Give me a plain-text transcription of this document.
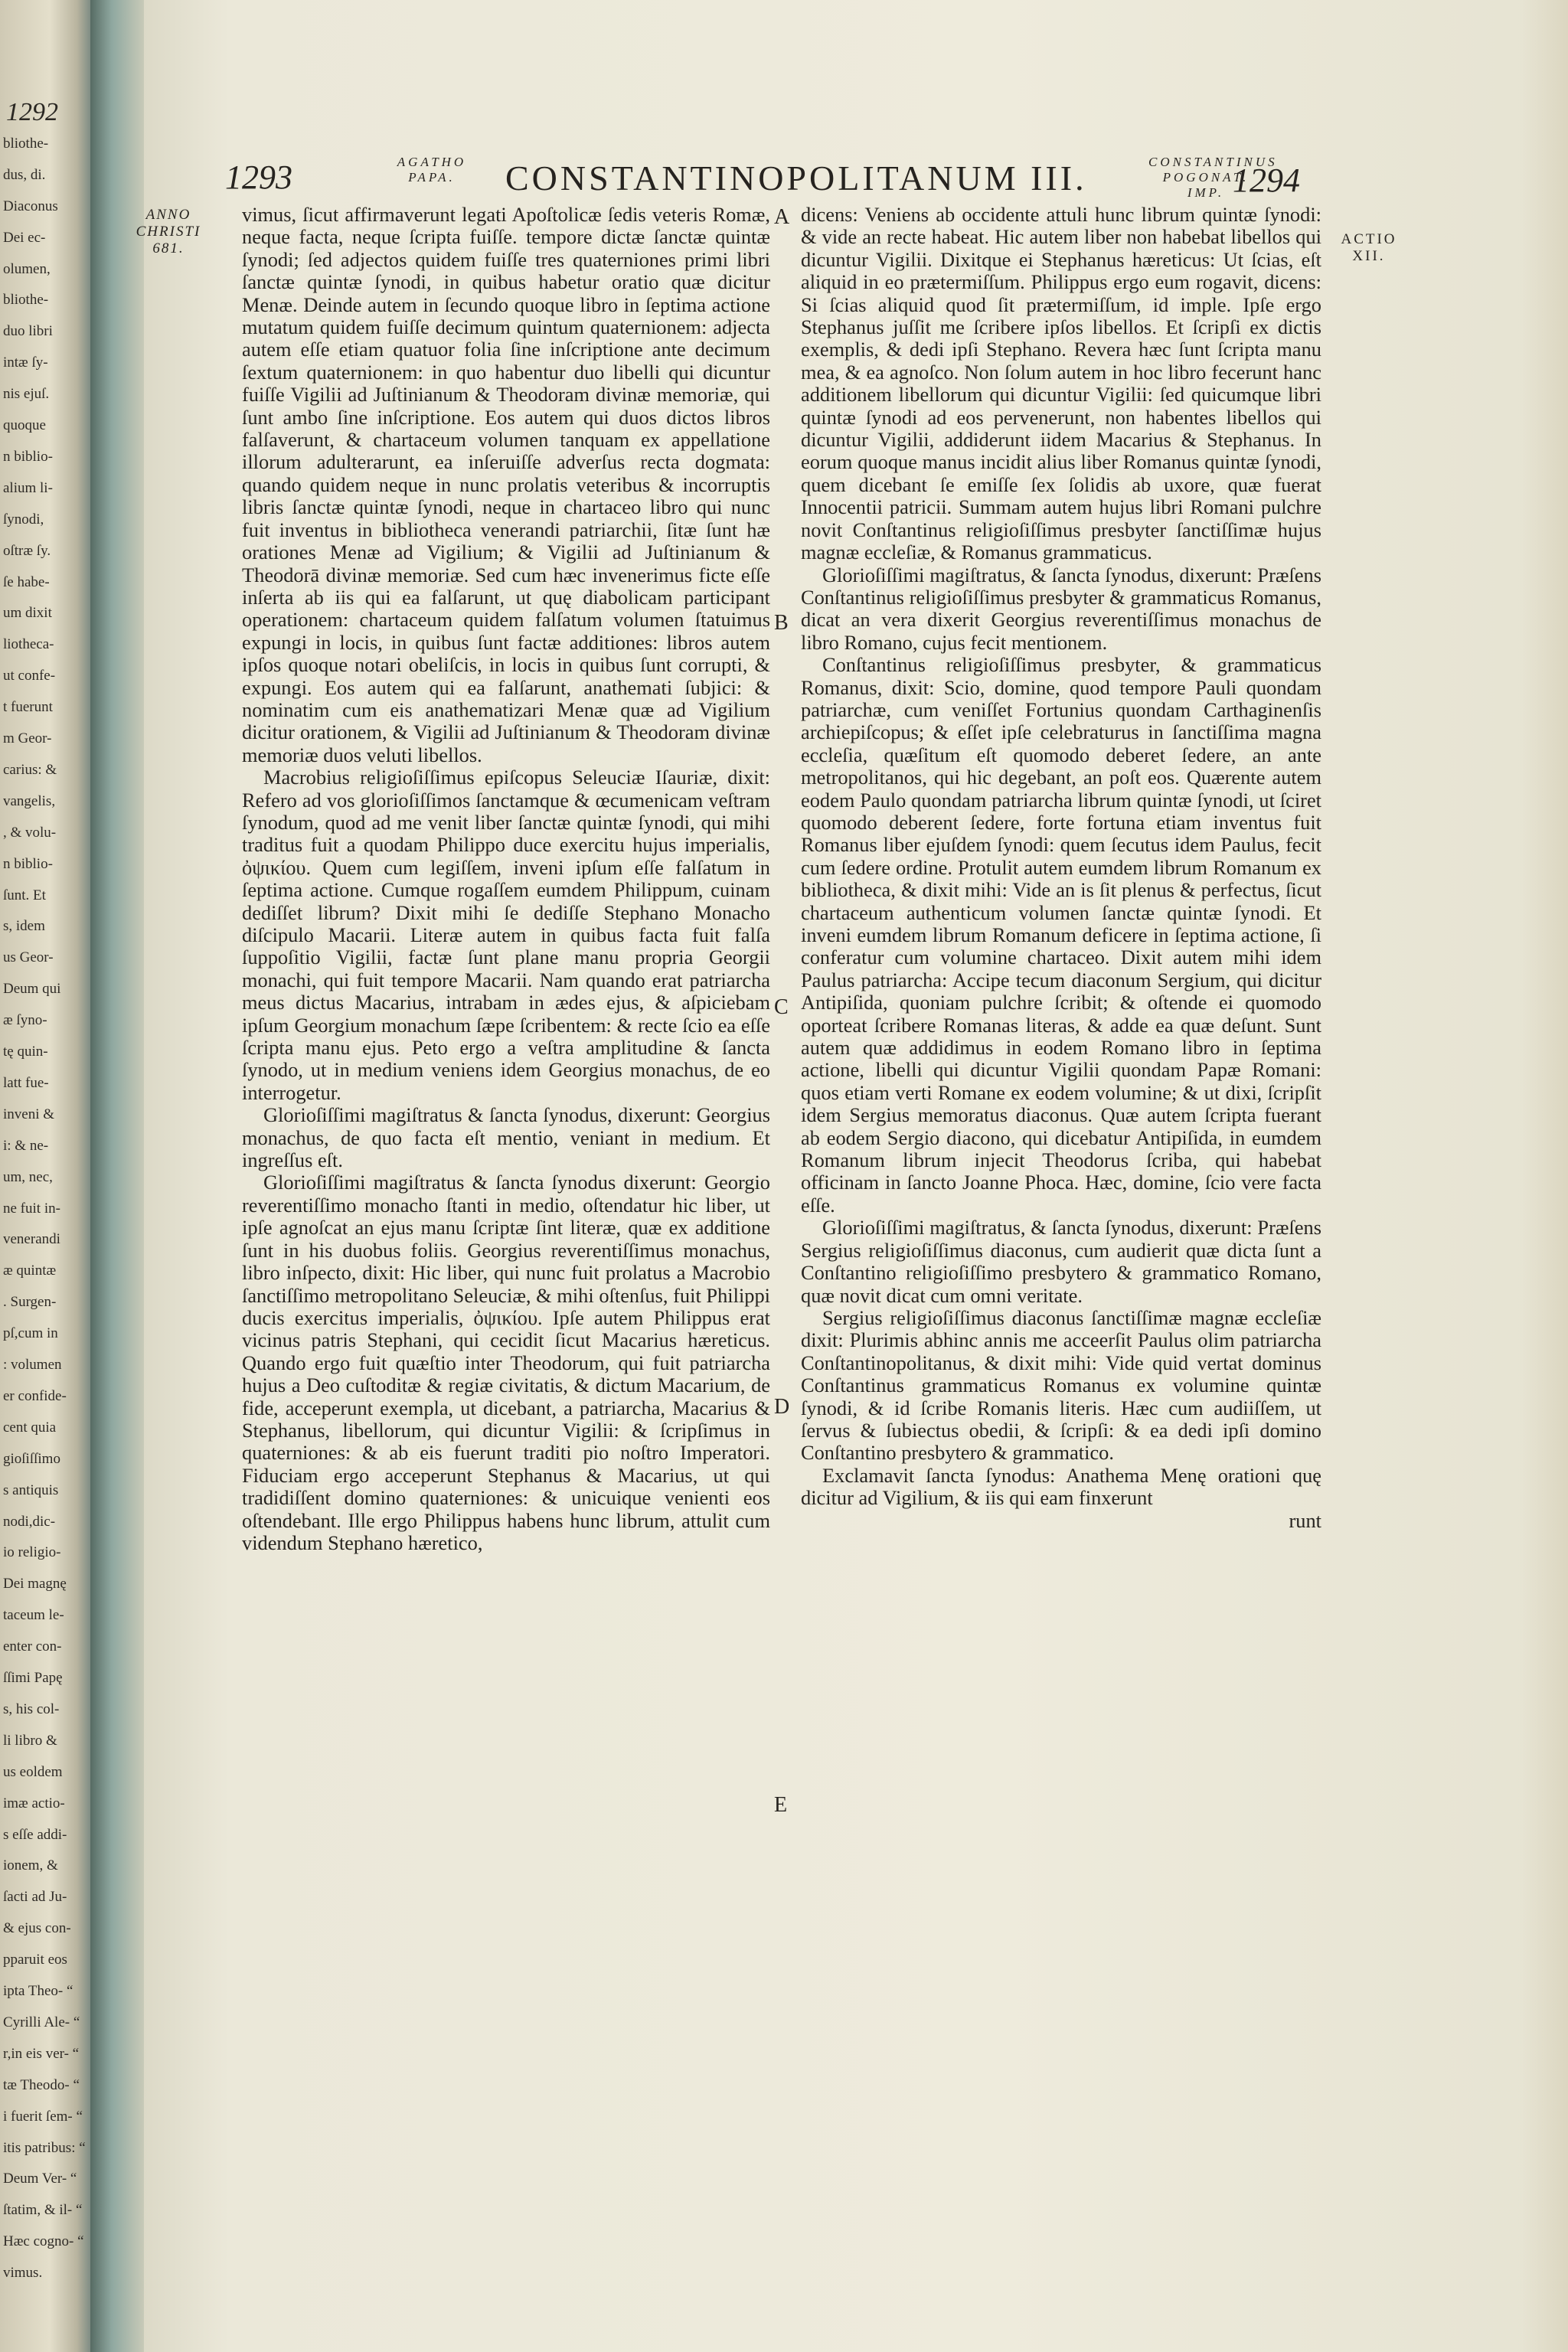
1292
bliothe-
dus, di.
Diaconus
Dei ec-
olumen,
bliothe-
duo libri
intæ ſy-
nis ejuſ.
quoque
n biblio-
alium li-
ſynodi,
oſtræ ſy.
ſe habe-
um dixit
liotheca-
ut confe-
t fuerunt
m Geor-
carius: &
vangelis,
, & volu-
n biblio-
ſunt. Et
s, idem
us Geor-
Deum qui
æ ſyno-
tę quin-
latt fue-
inveni &
i: & ne-
um, nec,
ne fuit in-
venerandi
æ quintæ
. Surgen-
pſ,cum in
: volumen
er confide-
cent quia
gioſiſſimo
s antiquis
nodi,dic-
io religio-
Dei magnę
taceum le-
enter con-
ſſimi Papę
s, his col-
li libro &
us eoldem
imæ actio-
s eſſe addi-
ionem, &
ſacti ad Ju-
& ejus con-
pparuit eos
ipta Theo- “
Cyrilli Ale- “
r,in eis ver- “
tæ Theodo- “
i fuerit ſem- “
itis patribus: “
Deum Ver- “
ſtatim, & il- “
Hæc cogno- “
vimus.
1293	AGATHO
PAPA.	CONSTANTINOPOLITANUM III.	CONSTANTINUS
POGONAT. IMP. 1294
ANNO
CHRISTI
681.
ACTIO
XII.
A
B
C
D
E

vimus, ſicut affirmaverunt legati Apoſtolicæ ſedis veteris Romæ, neque facta, neque ſcripta fuiſſe. tempore dictæ ſanctæ quintæ ſynodi; ſed adjectos quidem fuiſſe tres quaterniones primi libri ſanctæ quintæ ſynodi, in quibus habetur oratio quæ dicitur Menæ. Deinde autem in ſecundo quoque libro in ſeptima actione mutatum quidem fuiſſe decimum quintum quaternionem: adjecta autem eſſe etiam quatuor folia ſine inſcriptione ante decimum ſextum quaternionem: in quo habentur duo libelli qui dicuntur fuiſſe Vigilii ad Juſtinianum & Theodoram divinæ memoriæ, qui ſunt ambo ſine inſcriptione. Eos autem qui duos dictos libros falſaverunt, & chartaceum volumen tanquam ex appellatione illorum adulterarunt, ea inſeruiſſe adverſus recta dogmata: quando quidem neque in nunc prolatis veteribus & incorruptis libris ſanctæ quintæ ſynodi, neque in chartaceo libro qui nunc fuit inventus in bibliotheca venerandi patriarchii, ſitæ ſunt hæ orationes Menæ ad Vigilium; & Vigilii ad Juſtinianum & Theodorā divinæ memoriæ. Sed cum hæc invenerimus ficte eſſe inſerta ab iis qui ea falſarunt, ut quę diabolicam participant operationem: chartaceum quidem falſatum volumen ſtatuimus expungi in locis, in quibus ſunt factæ additiones: libros autem ipſos quoque notari obeliſcis, in locis in quibus ſunt corrupti, & expungi. Eos autem qui ea falſarunt, anathemati ſubjici: & nominatim cum eis anathematizari Menæ quæ ad Vigilium dicitur orationem, & Vigilii ad Juſtinianum & Theodoram divinæ memoriæ duos veluti libellos.

Macrobius religioſiſſimus epiſcopus Seleuciæ Iſauriæ, dixit: Refero ad vos glorioſiſſimos ſanctamque & œcumenicam veſtram ſynodum, quod ad me venit liber ſanctæ quintæ ſynodi, qui mihi traditus fuit a quodam Philippo duce exercitu hujus imperialis, ὀψικίου. Quem cum legiſſem, inveni ipſum eſſe falſatum in ſeptima actione. Cumque rogaſſem eumdem Philippum, cuinam dediſſet librum? Dixit mihi ſe dediſſe Stephano Monacho diſcipulo Macarii. Literæ autem in quibus facta fuit falſa ſuppoſitio Vigilii, factæ ſunt plane manu propria Georgii monachi, qui fuit tempore Macarii. Nam quando erat patriarcha meus dictus Macarius, intrabam in ædes ejus, & aſpiciebam ipſum Georgium monachum ſæpe ſcribentem: & recte ſcio ea eſſe ſcripta manu ejus. Peto ergo a veſtra amplitudine & ſancta ſynodo, ut in medium veniens idem Georgius monachus, de eo interrogetur.

Glorioſiſſimi magiſtratus & ſancta ſynodus, dixerunt: Georgius monachus, de quo facta eſt mentio, veniant in medium. Et ingreſſus eſt.

Glorioſiſſimi magiſtratus & ſancta ſynodus dixerunt: Georgio reverentiſſimo monacho ſtanti in medio, oſtendatur hic liber, ut ipſe agnoſcat an ejus manu ſcriptæ ſint literæ, quæ ex additione ſunt in his duobus foliis. Georgius reverentiſſimus monachus, libro inſpecto, dixit: Hic liber, qui nunc fuit prolatus a Macrobio ſanctiſſimo metropolitano Seleuciæ, & mihi oſtenſus, fuit Philippi ducis exercitus imperialis, ὀψικίου. Ipſe autem Philippus erat vicinus patris Stephani, qui cecidit ſicut Macarius hæreticus. Quando ergo fuit quæſtio inter Theodorum, qui fuit patriarcha hujus a Deo cuſtoditæ & regiæ civitatis, & dictum Macarium, de fide, acceperunt exempla, ut dicebant, a patriarcha, Macarius & Stephanus, libellorum, qui dicuntur Vigilii: & ſcripſimus in quaterniones: & ab eis fuerunt traditi pio noſtro Imperatori. Fiduciam ergo acceperunt Stephanus & Macarius, ut qui tradidiſſent domino quaterniones: & unicuique venienti eos oſtendebant. Ille ergo Philippus habens hunc librum, attulit cum videndum Stephano hæretico,

dicens: Veniens ab occidente attuli hunc librum quintæ ſynodi: & vide an recte habeat. Hic autem liber non habebat libellos qui dicuntur Vigilii. Dixitque ei Stephanus hæreticus: Ut ſcias, eſt aliquid in eo prætermiſſum. Philippus ergo eum rogavit, dicens: Si ſcias aliquid quod ſit prætermiſſum, id imple. Ipſe ergo Stephanus juſſit me ſcribere ipſos libellos. Et ſcripſi ex dictis exemplis, & dedi ipſi Stephano. Revera hæc ſunt ſcripta manu mea, & ea agnoſco. Non ſolum autem in hoc libro fecerunt hanc additionem libellorum qui dicuntur Vigilii: ſed quicumque libri quintæ ſynodi ad eos pervenerunt, non habentes libellos qui dicuntur Vigilii, addiderunt iidem Macarius & Stephanus. In eorum quoque manus incidit alius liber Romanus quintæ ſynodi, quem dicebant ſe emiſſe ſex ſolidis ab uxore, quæ fuerat Innocentii patricii. Summam autem hujus libri Romani pulchre novit Conſtantinus religioſiſſimus presbyter ſanctiſſimæ hujus magnæ eccleſiæ, & Romanus grammaticus.

Glorioſiſſimi magiſtratus, & ſancta ſynodus, dixerunt: Præſens Conſtantinus religioſiſſimus presbyter & grammaticus Romanus, dicat an vera dixerit Georgius reverentiſſimus monachus de libro Romano, cujus fecit mentionem.

Conſtantinus religioſiſſimus presbyter, & grammaticus Romanus, dixit: Scio, domine, quod tempore Pauli quondam patriarchæ, cum veniſſet Fortunius quondam Carthaginenſis archiepiſcopus; & eſſet ipſe celebraturus in ſanctiſſima magna eccleſia, quæſitum eſt quomodo deberet ſedere, an ante metropolitanos, qui hic degebant, an poſt eos. Quærente autem eodem Paulo quondam patriarcha librum quintæ ſynodi, ut ſciret quomodo deberent ſedere, forte fortuna etiam inventus fuit Romanus liber ejuſdem ſynodi: quem ſecutus idem Paulus, fecit cum ſedere ordine. Protulit autem eumdem librum Romanum ex bibliotheca, & dixit mihi: Vide an is ſit plenus & perfectus, ſicut chartaceum authenticum volumen ſanctæ quintæ ſynodi. Et inveni eumdem librum Romanum deficere in ſeptima actione, ſi conferatur cum volumine chartaceo. Dixit autem mihi idem Paulus patriarcha: Accipe tecum diaconum Sergium, qui dicitur Antipiſida, quoniam pulchre ſcribit; & oſtende ei quomodo oporteat ſcribere Romanas literas, & adde ea quæ deſunt. Sunt autem quæ addidimus in eodem Romano libro in ſeptima actione, libelli qui dicuntur Vigilii quondam Papæ Romani: quos etiam verti Romane ex eodem volumine; & ut dixi, ſcripſit idem Sergius memoratus diaconus. Quæ autem ſcripta fuerant ab eodem Sergio diacono, qui dicebatur Antipiſida, in eumdem Romanum librum injecit Theodorus ſcriba, qui habebat officinam in ſancto Joanne Phoca. Hæc, domine, ſcio vere facta eſſe.

Glorioſiſſimi magiſtratus, & ſancta ſynodus, dixerunt: Præſens Sergius religioſiſſimus diaconus, cum audierit quæ dicta ſunt a Conſtantino religioſiſſimo presbytero & grammatico Romano, quæ novit dicat cum omni veritate.

Sergius religioſiſſimus diaconus ſanctiſſimæ magnæ eccleſiæ dixit: Plurimis abhinc annis me acceerſit Paulus olim patriarcha Conſtantinopolitanus, & dixit mihi: Vide quid vertat dominus Conſtantinus grammaticus Romanus ex volumine quintæ ſynodi, & id ſcribe Romanis literis. Hæc cum audiiſſem, ut ſervus & ſubiectus obedii, & ſcripſi: & ea dedi ipſi domino Conſtantino presbytero & grammatico.

Exclamavit ſancta ſynodus: Anathema Menę orationi quę dicitur ad Vigilium, & iis qui eam finxerunt

runt
